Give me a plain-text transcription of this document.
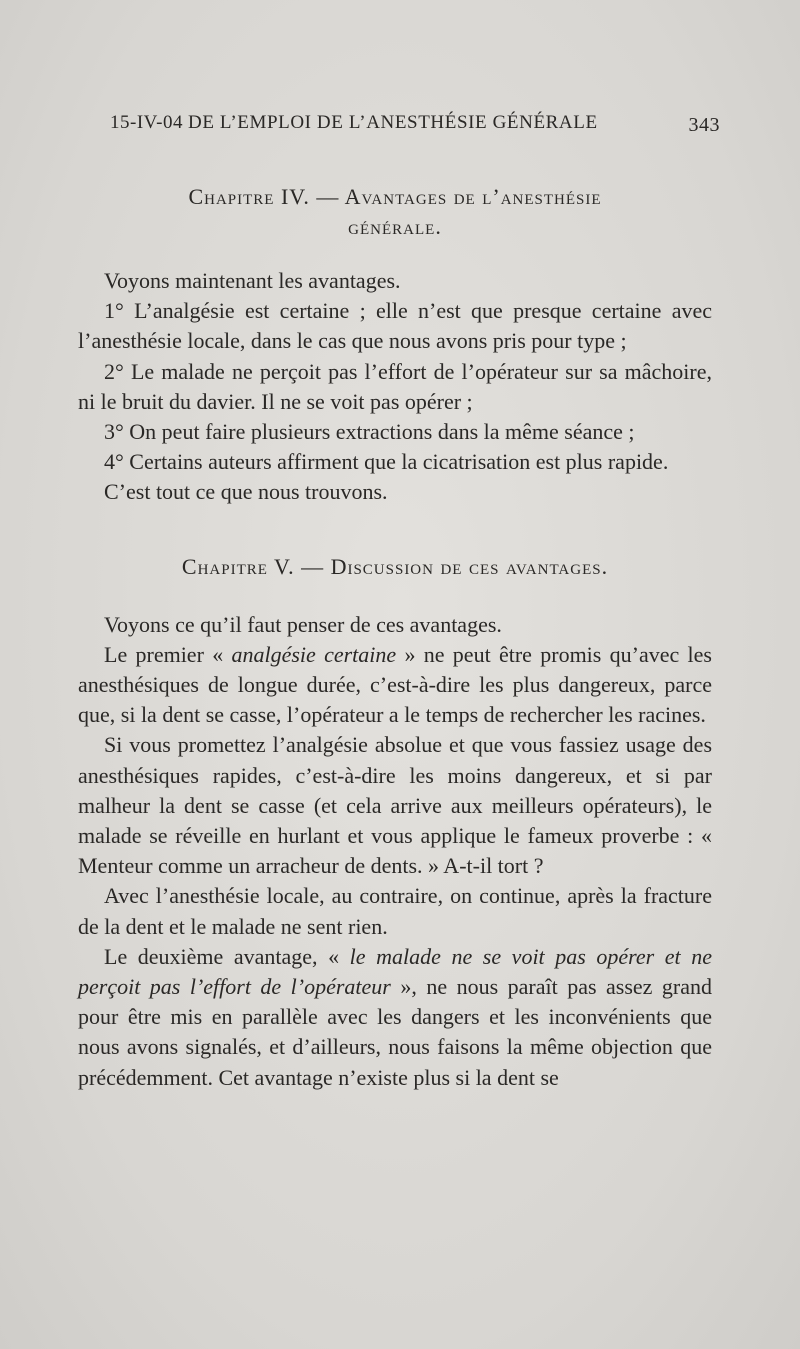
15-IV-04 DE L’EMPLOI DE L’ANESTHÉSIE GÉNÉRALE	343
Chapitre IV. — Avantages de l’anesthésie
générale.

Voyons maintenant les avantages.

1° L’analgésie est certaine ; elle n’est que presque certaine avec l’anesthésie locale, dans le cas que nous avons pris pour type ;

2° Le malade ne perçoit pas l’effort de l’opérateur sur sa mâchoire, ni le bruit du davier. Il ne se voit pas opérer ;

3° On peut faire plusieurs extractions dans la même séance ;

4° Certains auteurs affirment que la cicatrisation est plus rapide.

C’est tout ce que nous trouvons.

Chapitre V. — Discussion de ces avantages.

Voyons ce qu’il faut penser de ces avantages.

Le premier « analgésie certaine » ne peut être promis qu’avec les anesthésiques de longue durée, c’est-à-dire les plus dangereux, parce que, si la dent se casse, l’opérateur a le temps de rechercher les racines.

Si vous promettez l’analgésie absolue et que vous fassiez usage des anesthésiques rapides, c’est-à-dire les moins dangereux, et si par malheur la dent se casse (et cela arrive aux meilleurs opérateurs), le malade se réveille en hurlant et vous applique le fameux proverbe : « Menteur comme un arracheur de dents. » A-t-il tort ?

Avec l’anesthésie locale, au contraire, on continue, après la fracture de la dent et le malade ne sent rien.

Le deuxième avantage, « le malade ne se voit pas opérer et ne perçoit pas l’effort de l’opérateur », ne nous paraît pas assez grand pour être mis en parallèle avec les dangers et les inconvénients que nous avons signalés, et d’ailleurs, nous faisons la même objection que précédemment. Cet avantage n’existe plus si la dent se
